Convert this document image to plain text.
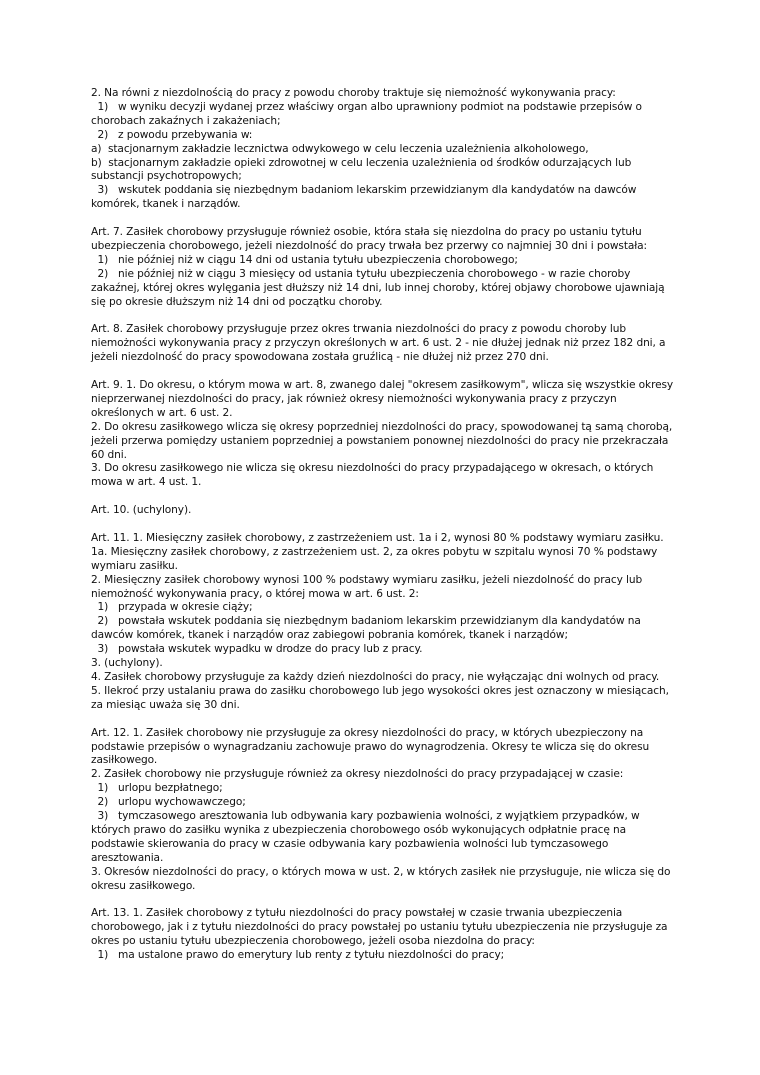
2. Na równi z niezdolnością do pracy z powodu choroby traktuje się niemożność wykonywania pracy:
1)   w wyniku decyzji wydanej przez właściwy organ albo uprawniony podmiot na podstawie przepisów o
chorobach zakaźnych i zakażeniach;
2)   z powodu przebywania w:
a)  stacjonarnym zakładzie lecznictwa odwykowego w celu leczenia uzależnienia alkoholowego,
b)  stacjonarnym zakładzie opieki zdrowotnej w celu leczenia uzależnienia od środków odurzających lub
substancji psychotropowych;
3)   wskutek poddania się niezbędnym badaniom lekarskim przewidzianym dla kandydatów na dawców
komórek, tkanek i narządów.
Art. 7. Zasiłek chorobowy przysługuje również osobie, która stała się niezdolna do pracy po ustaniu tytułu
ubezpieczenia chorobowego, jeżeli niezdolność do pracy trwała bez przerwy co najmniej 30 dni i powstała:
1)   nie później niż w ciągu 14 dni od ustania tytułu ubezpieczenia chorobowego;
2)   nie później niż w ciągu 3 miesięcy od ustania tytułu ubezpieczenia chorobowego - w razie choroby
zakaźnej, której okres wylęgania jest dłuższy niż 14 dni, lub innej choroby, której objawy chorobowe ujawniają
się po okresie dłuższym niż 14 dni od początku choroby.
Art. 8. Zasiłek chorobowy przysługuje przez okres trwania niezdolności do pracy z powodu choroby lub
niemożności wykonywania pracy z przyczyn określonych w art. 6 ust. 2 - nie dłużej jednak niż przez 182 dni, a
jeżeli niezdolność do pracy spowodowana została gruźlicą - nie dłużej niż przez 270 dni.
Art. 9. 1. Do okresu, o którym mowa w art. 8, zwanego dalej "okresem zasiłkowym", wlicza się wszystkie okresy
nieprzerwanej niezdolności do pracy, jak również okresy niemożności wykonywania pracy z przyczyn
określonych w art. 6 ust. 2.
2. Do okresu zasiłkowego wlicza się okresy poprzedniej niezdolności do pracy, spowodowanej tą samą chorobą,
jeżeli przerwa pomiędzy ustaniem poprzedniej a powstaniem ponownej niezdolności do pracy nie przekraczała
60 dni.
3. Do okresu zasiłkowego nie wlicza się okresu niezdolności do pracy przypadającego w okresach, o których
mowa w art. 4 ust. 1.
Art. 10. (uchylony).
Art. 11. 1. Miesięczny zasiłek chorobowy, z zastrzeżeniem ust. 1a i 2, wynosi 80 % podstawy wymiaru zasiłku.
1a. Miesięczny zasiłek chorobowy, z zastrzeżeniem ust. 2, za okres pobytu w szpitalu wynosi 70 % podstawy
wymiaru zasiłku.
2. Miesięczny zasiłek chorobowy wynosi 100 % podstawy wymiaru zasiłku, jeżeli niezdolność do pracy lub
niemożność wykonywania pracy, o której mowa w art. 6 ust. 2:
1)   przypada w okresie ciąży;
2)   powstała wskutek poddania się niezbędnym badaniom lekarskim przewidzianym dla kandydatów na
dawców komórek, tkanek i narządów oraz zabiegowi pobrania komórek, tkanek i narządów;
3)   powstała wskutek wypadku w drodze do pracy lub z pracy.
3. (uchylony).
4. Zasiłek chorobowy przysługuje za każdy dzień niezdolności do pracy, nie wyłączając dni wolnych od pracy.
5. Ilekroć przy ustalaniu prawa do zasiłku chorobowego lub jego wysokości okres jest oznaczony w miesiącach,
za miesiąc uważa się 30 dni.
Art. 12. 1. Zasiłek chorobowy nie przysługuje za okresy niezdolności do pracy, w których ubezpieczony na
podstawie przepisów o wynagradzaniu zachowuje prawo do wynagrodzenia. Okresy te wlicza się do okresu
zasiłkowego.
2. Zasiłek chorobowy nie przysługuje również za okresy niezdolności do pracy przypadającej w czasie:
1)   urlopu bezpłatnego;
2)   urlopu wychowawczego;
3)   tymczasowego aresztowania lub odbywania kary pozbawienia wolności, z wyjątkiem przypadków, w
których prawo do zasiłku wynika z ubezpieczenia chorobowego osób wykonujących odpłatnie pracę na
podstawie skierowania do pracy w czasie odbywania kary pozbawienia wolności lub tymczasowego
aresztowania.
3. Okresów niezdolności do pracy, o których mowa w ust. 2, w których zasiłek nie przysługuje, nie wlicza się do
okresu zasiłkowego.
Art. 13. 1. Zasiłek chorobowy z tytułu niezdolności do pracy powstałej w czasie trwania ubezpieczenia
chorobowego, jak i z tytułu niezdolności do pracy powstałej po ustaniu tytułu ubezpieczenia nie przysługuje za
okres po ustaniu tytułu ubezpieczenia chorobowego, jeżeli osoba niezdolna do pracy:
1)   ma ustalone prawo do emerytury lub renty z tytułu niezdolności do pracy;
